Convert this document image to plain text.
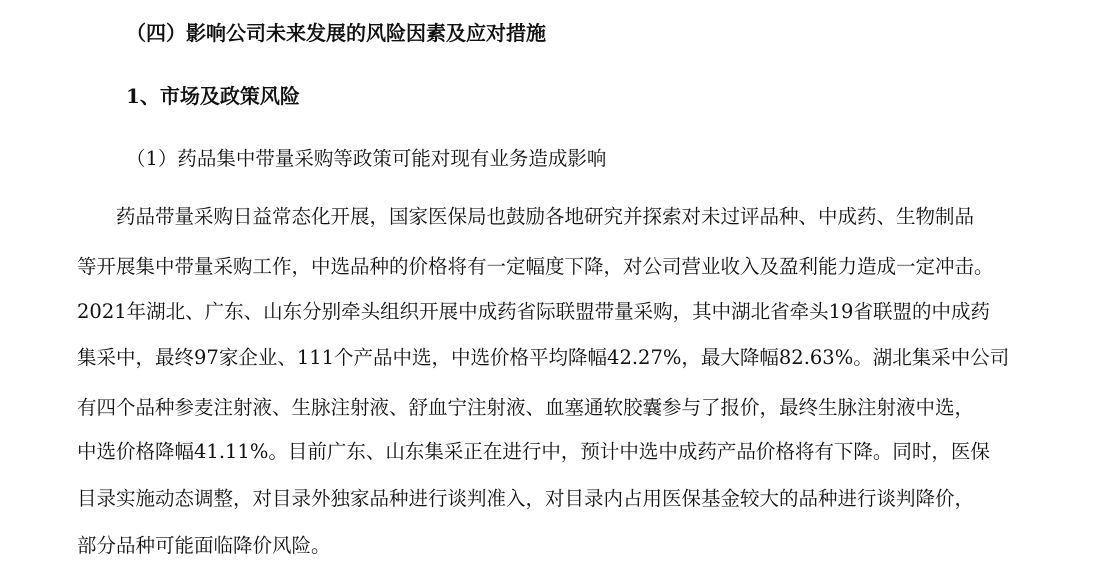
（四）影响公司未来发展的风险因素及应对措施

1、市场及政策风险

（1）药品集中带量采购等政策可能对现有业务造成影响

药品带量采购日益常态化开展，国家医保局也鼓励各地研究并探索对未过评品种、中成药、生物制品

等开展集中带量采购工作，中选品种的价格将有一定幅度下降，对公司营业收入及盈利能力造成一定冲击。

2021年湖北、广东、山东分别牵头组织开展中成药省际联盟带量采购，其中湖北省牵头19省联盟的中成药

集采中，最终97家企业、111个产品中选，中选价格平均降幅42.27%，最大降幅82.63%。湖北集采中公司

有四个品种参麦注射液、生脉注射液、舒血宁注射液、血塞通软胶囊参与了报价，最终生脉注射液中选，

中选价格降幅41.11%。目前广东、山东集采正在进行中，预计中选中成药产品价格将有下降。同时，医保

目录实施动态调整，对目录外独家品种进行谈判准入，对目录内占用医保基金较大的品种进行谈判降价，

部分品种可能面临降价风险。
